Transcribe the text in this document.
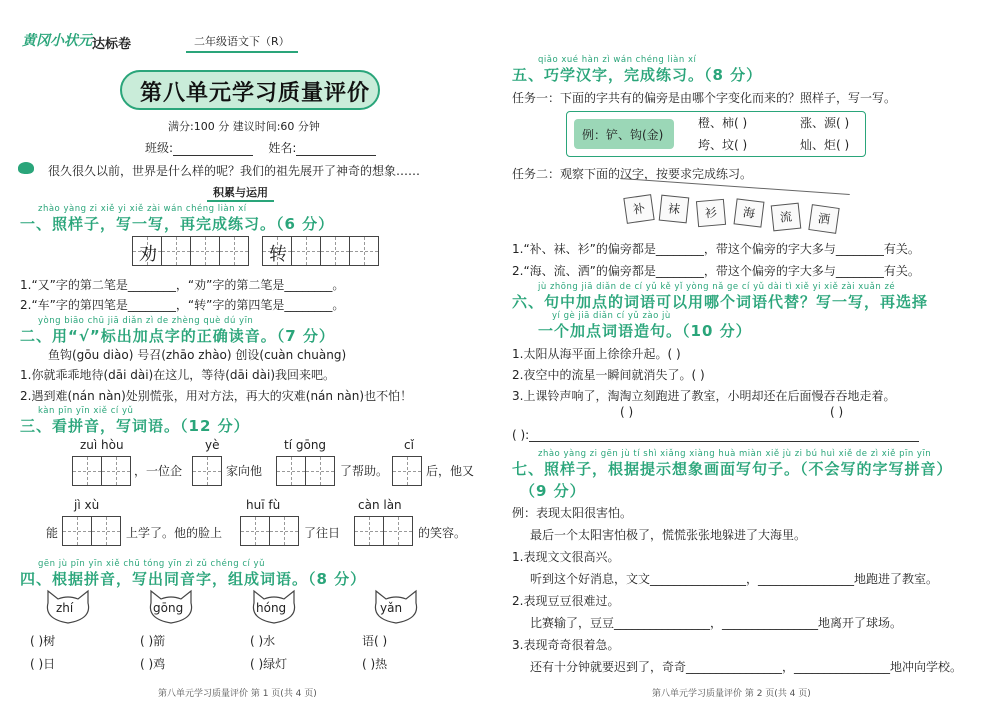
黄冈小状元 达标卷	二年级语文下（R）
第八单元学习质量评价
满分:100 分 建议时间:60 分钟
班级:	姓名:
很久很久以前，世界是什么样的呢？我们的祖先展开了神奇的想象……
积累与运用
zhào yàng zi xiě yi xiě zài wán chéng liàn xí
一、照样子，写一写，再完成练习。（6 分）
劝	转
1.“又”字的第二笔是________，“劝”字的第二笔是________。
2.“车”字的第四笔是________，“转”字的第四笔是________。
yòng biāo chū jiā diǎn zì de zhèng què dú yīn
二、用“√”标出加点字的正确读音。（7 分）
鱼钩(gōu diào) 号召(zhāo zhào) 创设(cuàn chuàng)
1.你就乖乖地待(dāi dài)在这儿，等待(dāi dài)我回来吧。
2.遇到难(nán nàn)处别慌张，用对方法，再大的灾难(nán nàn)也不怕！
kàn pīn yīn xiě cí yǔ
三、看拼音，写词语。（12 分）
zuì hòu	yè	tí gōng	cǐ
，一位企	家向他	了帮助。	后，他又
jì xù	huī fù	càn làn
能	上学了。他的脸上	了往日	的笑容。
gēn jù pīn yīn xiě chū tóng yīn zì zǔ chéng cí yǔ
四、根据拼音，写出同音字，组成词语。（8 分）
zhí	gōng	hóng	yǎn
( )树	( )箭	( )水	语( )
( )日	( )鸡	( )绿灯	( )热
第八单元学习质量评价 第 1 页(共 4 页)
qiǎo xué hàn zì wán chéng liàn xí
五、巧学汉字，完成练习。（8 分）
任务一：下面的字共有的偏旁是由哪个字变化而来的？照样子，写一写。
例：铲、钩(金)
橙、柿( )	涨、源( )
垮、坟( )	灿、炬( )
任务二：观察下面的汉字，按要求完成练习。
补	袜	衫	海	流	洒
1.“补、袜、衫”的偏旁都是________，带这个偏旁的字大多与________有关。
2.“海、流、洒”的偏旁都是________，带这个偏旁的字大多与________有关。
jù zhōng jiā diǎn de cí yǔ kě yǐ yòng nǎ ge cí yǔ dài tì xiě yi xiě zài xuǎn zé
六、句中加点的词语可以用哪个词语代替？写一写，再选择
yí gè jiā diǎn cí yǔ zào jù
一个加点词语造句。（10 分）
1.太阳从海平面上徐徐升起。( )
2.夜空中的流星一瞬间就消失了。( )
3.上课铃声响了，淘淘立刻跑进了教室，小明却还在后面慢吞吞地走着。
( )	( )
( ):
zhào yàng zi gēn jù tí shì xiǎng xiàng huà miàn xiě jù zi bú huì xiě de zì xiě pīn yīn
七、照样子，根据提示想象画面写句子。（不会写的字写拼音）
（9 分）
例：表现太阳很害怕。
最后一个太阳害怕极了，慌慌张张地躲进了大海里。
1.表现文文很高兴。
听到这个好消息，文文________________，________________地跑进了教室。
2.表现豆豆很难过。
比赛输了，豆豆________________，________________地离开了球场。
3.表现奇奇很着急。
还有十分钟就要迟到了，奇奇________________，________________地冲向学校。
第八单元学习质量评价 第 2 页(共 4 页)
